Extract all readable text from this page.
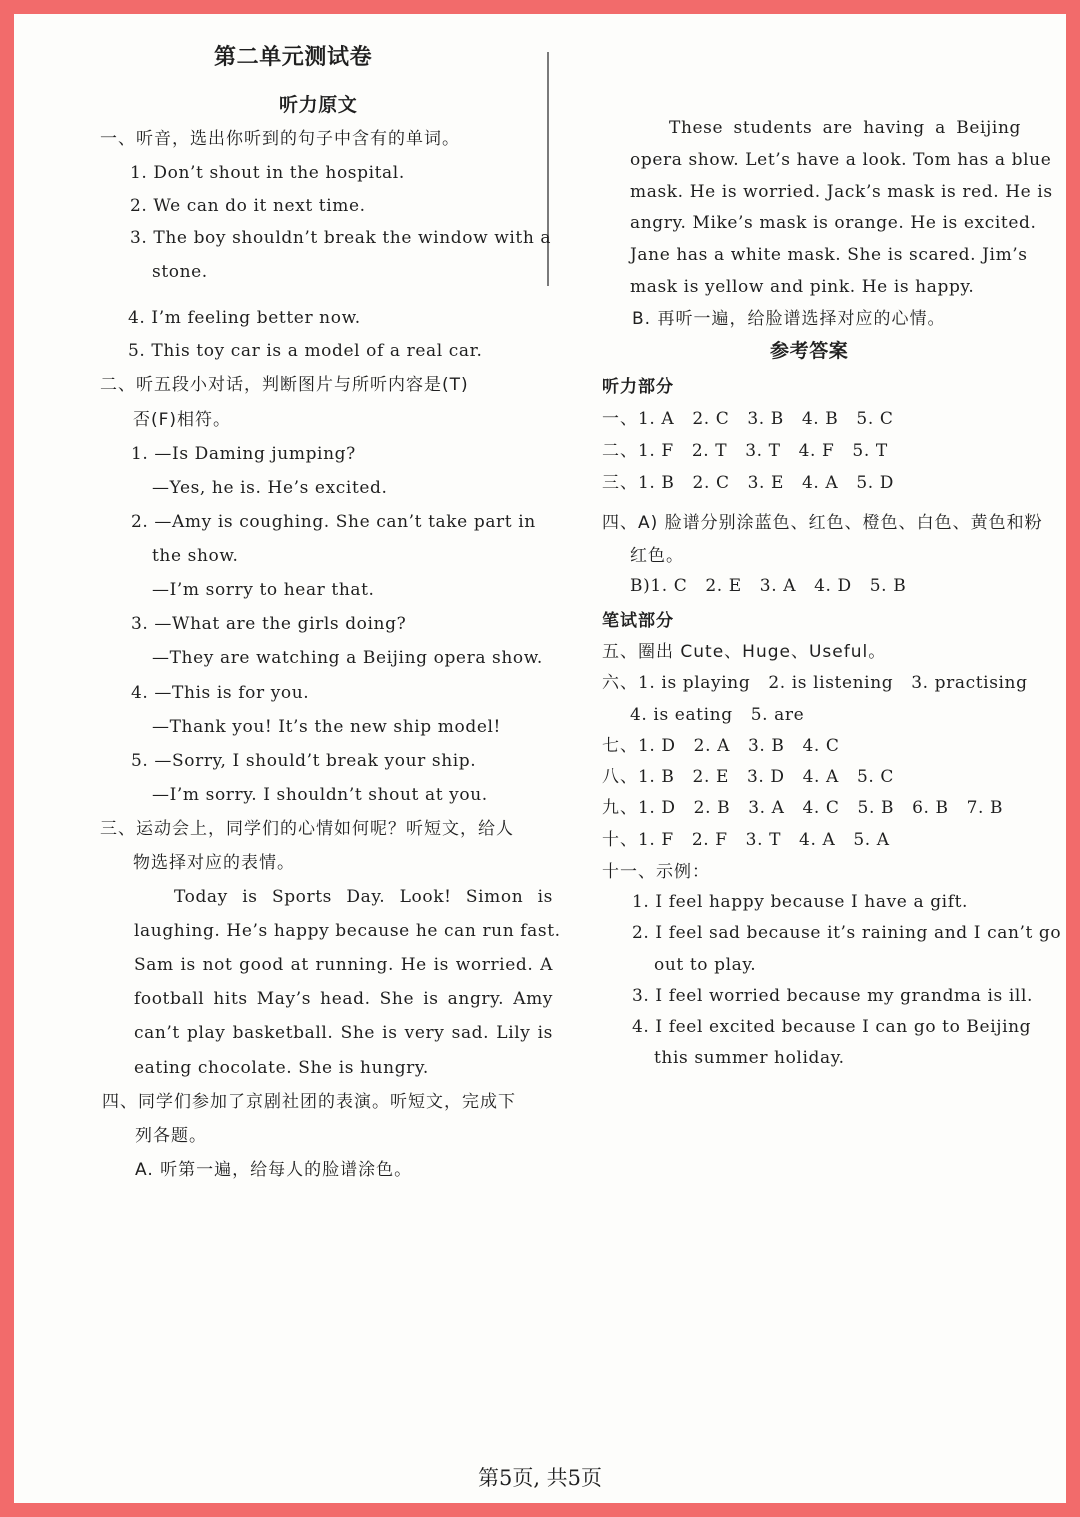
第二单元测试卷
听力原文
一、听音，选出你听到的句子中含有的单词。
1. Don’t shout in the hospital.
2. We can do it next time.
3. The boy shouldn’t break the window with a
stone.
4. I’m feeling better now.
5. This toy car is a model of a real car.
二、听五段小对话，判断图片与所听内容是(T)
否(F)相符。
1. —Is Daming jumping?
—Yes, he is. He’s excited.
2. —Amy is coughing. She can’t take part in
the show.
—I’m sorry to hear that.
3. —What are the girls doing?
—They are watching a Beijing opera show.
4. —This is for you.
—Thank you! It’s the new ship model!
5. —Sorry, I should’t break your ship.
—I’m sorry. I shouldn’t shout at you.
三、运动会上，同学们的心情如何呢？听短文，给人
物选择对应的表情。
Today is Sports Day. Look! Simon is
laughing. He’s happy because he can run fast.
Sam is not good at running. He is worried. A
football hits May’s head. She is angry. Amy
can’t play basketball. She is very sad. Lily is
eating chocolate. She is hungry.
四、同学们参加了京剧社团的表演。听短文，完成下
列各题。
A. 听第一遍，给每人的脸谱涂色。
These students are having a Beijing
opera show. Let’s have a look. Tom has a blue
mask. He is worried. Jack’s mask is red. He is
angry. Mike’s mask is orange. He is excited.
Jane has a white mask. She is scared. Jim’s
mask is yellow and pink. He is happy.
B. 再听一遍，给脸谱选择对应的心情。
参考答案
听力部分
一、1. A 2. C 3. B 4. B 5. C
二、1. F 2. T 3. T 4. F 5. T
三、1. B 2. C 3. E 4. A 5. D
四、A) 脸谱分别涂蓝色、红色、橙色、白色、黄色和粉
红色。
B)1. C 2. E 3. A 4. D 5. B
笔试部分
五、圈出 Cute、Huge、Useful。
六、1. is playing 2. is listening 3. practising
4. is eating 5. are
七、1. D 2. A 3. B 4. C
八、1. B 2. E 3. D 4. A 5. C
九、1. D 2. B 3. A 4. C 5. B 6. B 7. B
十、1. F 2. F 3. T 4. A 5. A
十一、示例：
1. I feel happy because I have a gift.
2. I feel sad because it’s raining and I can’t go
out to play.
3. I feel worried because my grandma is ill.
4. I feel excited because I can go to Beijing
this summer holiday.
第5页, 共5页
